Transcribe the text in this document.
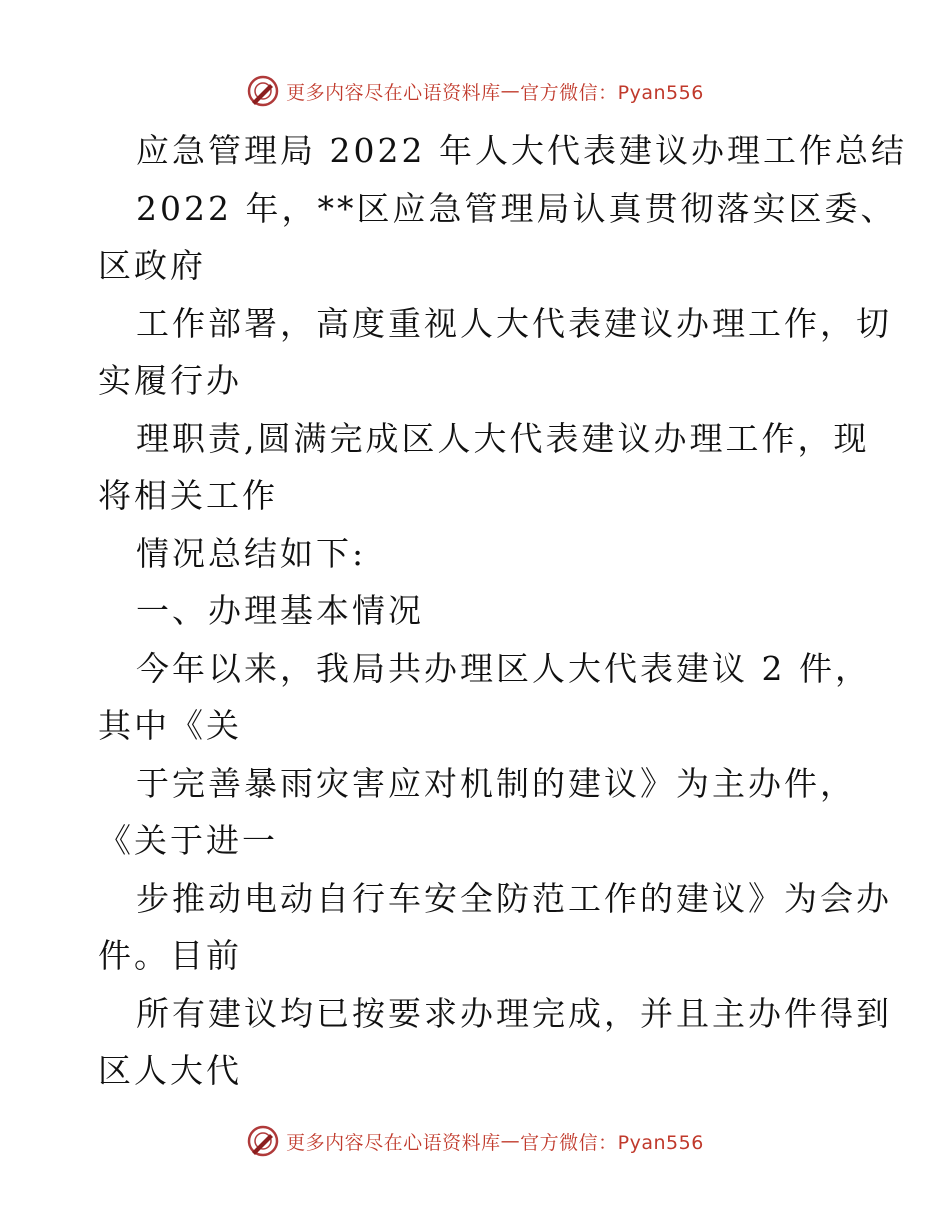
更多内容尽在心语资料库 — 官方微信：Pyan556
应急管理局 2022 年人大代表建议办理工作总结
2022 年，**区应急管理局认真贯彻落实区委、
区政府
工作部署，高度重视人大代表建议办理工作，切
实履行办
理职责,圆满完成区人大代表建议办理工作，现
将相关工作
情况总结如下:
一、办理基本情况
今年以来，我局共办理区人大代表建议 2 件，
其中《关
于完善暴雨灾害应对机制的建议》为主办件，
《关于进一
步推动电动自行车安全防范工作的建议》为会办
件。目前
所有建议均已按要求办理完成，并且主办件得到
区人大代
更多内容尽在心语资料库 — 官方微信：Pyan556
